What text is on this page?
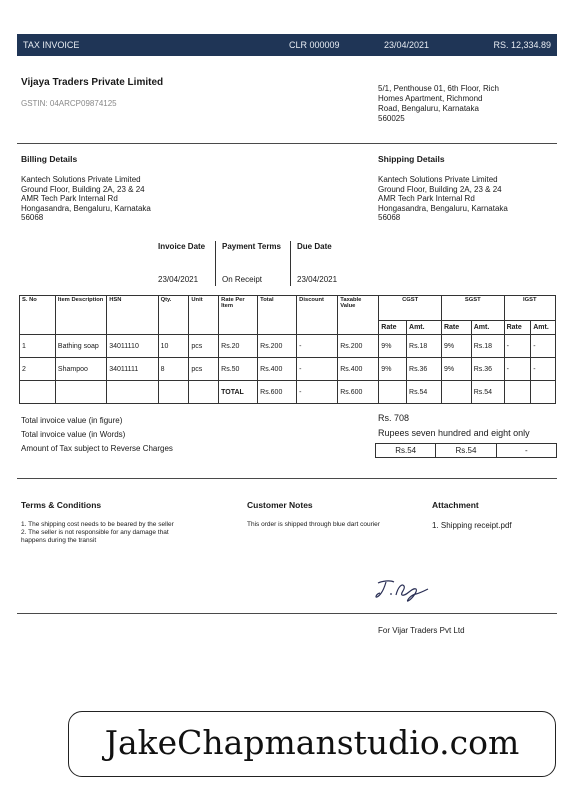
TAX INVOICE	CLR 000009	23/04/2021	RS. 12,334.89
Vijaya Traders Private Limited
GSTIN: 04ARCP09874125
5/1, Penthouse 01, 6th Floor, Rich
Homes Apartment, Richmond
Road, Bengaluru, Karnataka
560025
Billing Details
Kantech Solutions Private Limited
Ground Floor, Building 2A, 23 & 24
AMR Tech Park Internal Rd
Hongasandra, Bengaluru, Karnataka
56068
Shipping Details
Kantech Solutions Private Limited
Ground Floor, Building 2A, 23 & 24
AMR Tech Park Internal Rd
Hongasandra, Bengaluru, Karnataka
56068
Invoice Date
23/04/2021
Payment Terms
On Receipt
Due Date
23/04/2021
S. No	Item Description	HSN	Qty.	Unit	Rate Per Item	Total	Discount	Taxable Value	CGST		SGST		IGST	
									Rate	Amt.	Rate	Amt.	Rate	Amt.
1	Bathing soap	34011110	10	pcs	Rs.20	Rs.200	-	Rs.200	9%	Rs.18	9%	Rs.18	-	-
2	Shampoo	34011111	8	pcs	Rs.50	Rs.400	-	Rs.400	9%	Rs.36	9%	Rs.36	-	-
					TOTAL	Rs.600	-	Rs.600		Rs.54		Rs.54		
Total invoice value (in figure)	Rs. 708
Total invoice value (in Words)	Rupees seven hundred and eight only
Amount of Tax subject to Reverse Charges	Rs.54	Rs.54	-
Terms & Conditions
1. The shipping cost needs to be beared by the seller
2. The seller is not responsible for any damage that
happens during the transit
Customer Notes
This order is shipped through blue dart courier
Attachment
1. Shipping receipt.pdf
For Vijar Traders Pvt Ltd
JakeChapmanstudio.com
